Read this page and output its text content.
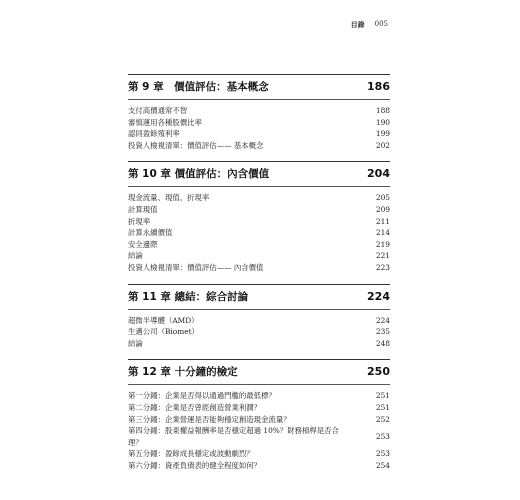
目錄 005
第 9 章　價值評估：基本概念	186
支付高價通常不智	188
審慎運用各種股價比率	190
認同盈餘殖利率	199
投資人檢視清單：價值評估—— 基本概念	202
第 10 章 價值評估：內含價值	204
現金流量、現值、折現率	205
計算現值	209
折現率	211
計算永續價值	214
安全邊際	219
結論	221
投資人檢視清單：價值評估—— 內含價值	223
第 11 章 總結：綜合討論	224
超微半導體（AMD）	224
生邁公司（Biomet）	235
結論	248
第 12 章 十分鐘的檢定	250
第一分鐘：企業是否得以通過門檻的最低標？	251
第二分鐘：企業是否曾經創造營業利潤？	251
第三分鐘：企業營運是否能夠穩定創造現金流量？	252
第四分鐘：股東權益報酬率是否穩定超過 10%？財務槓桿是否合理？
253
第五分鐘：盈餘成長穩定或波動劇烈？	253
第六分鐘：資產負債表的健全程度如何？	254
